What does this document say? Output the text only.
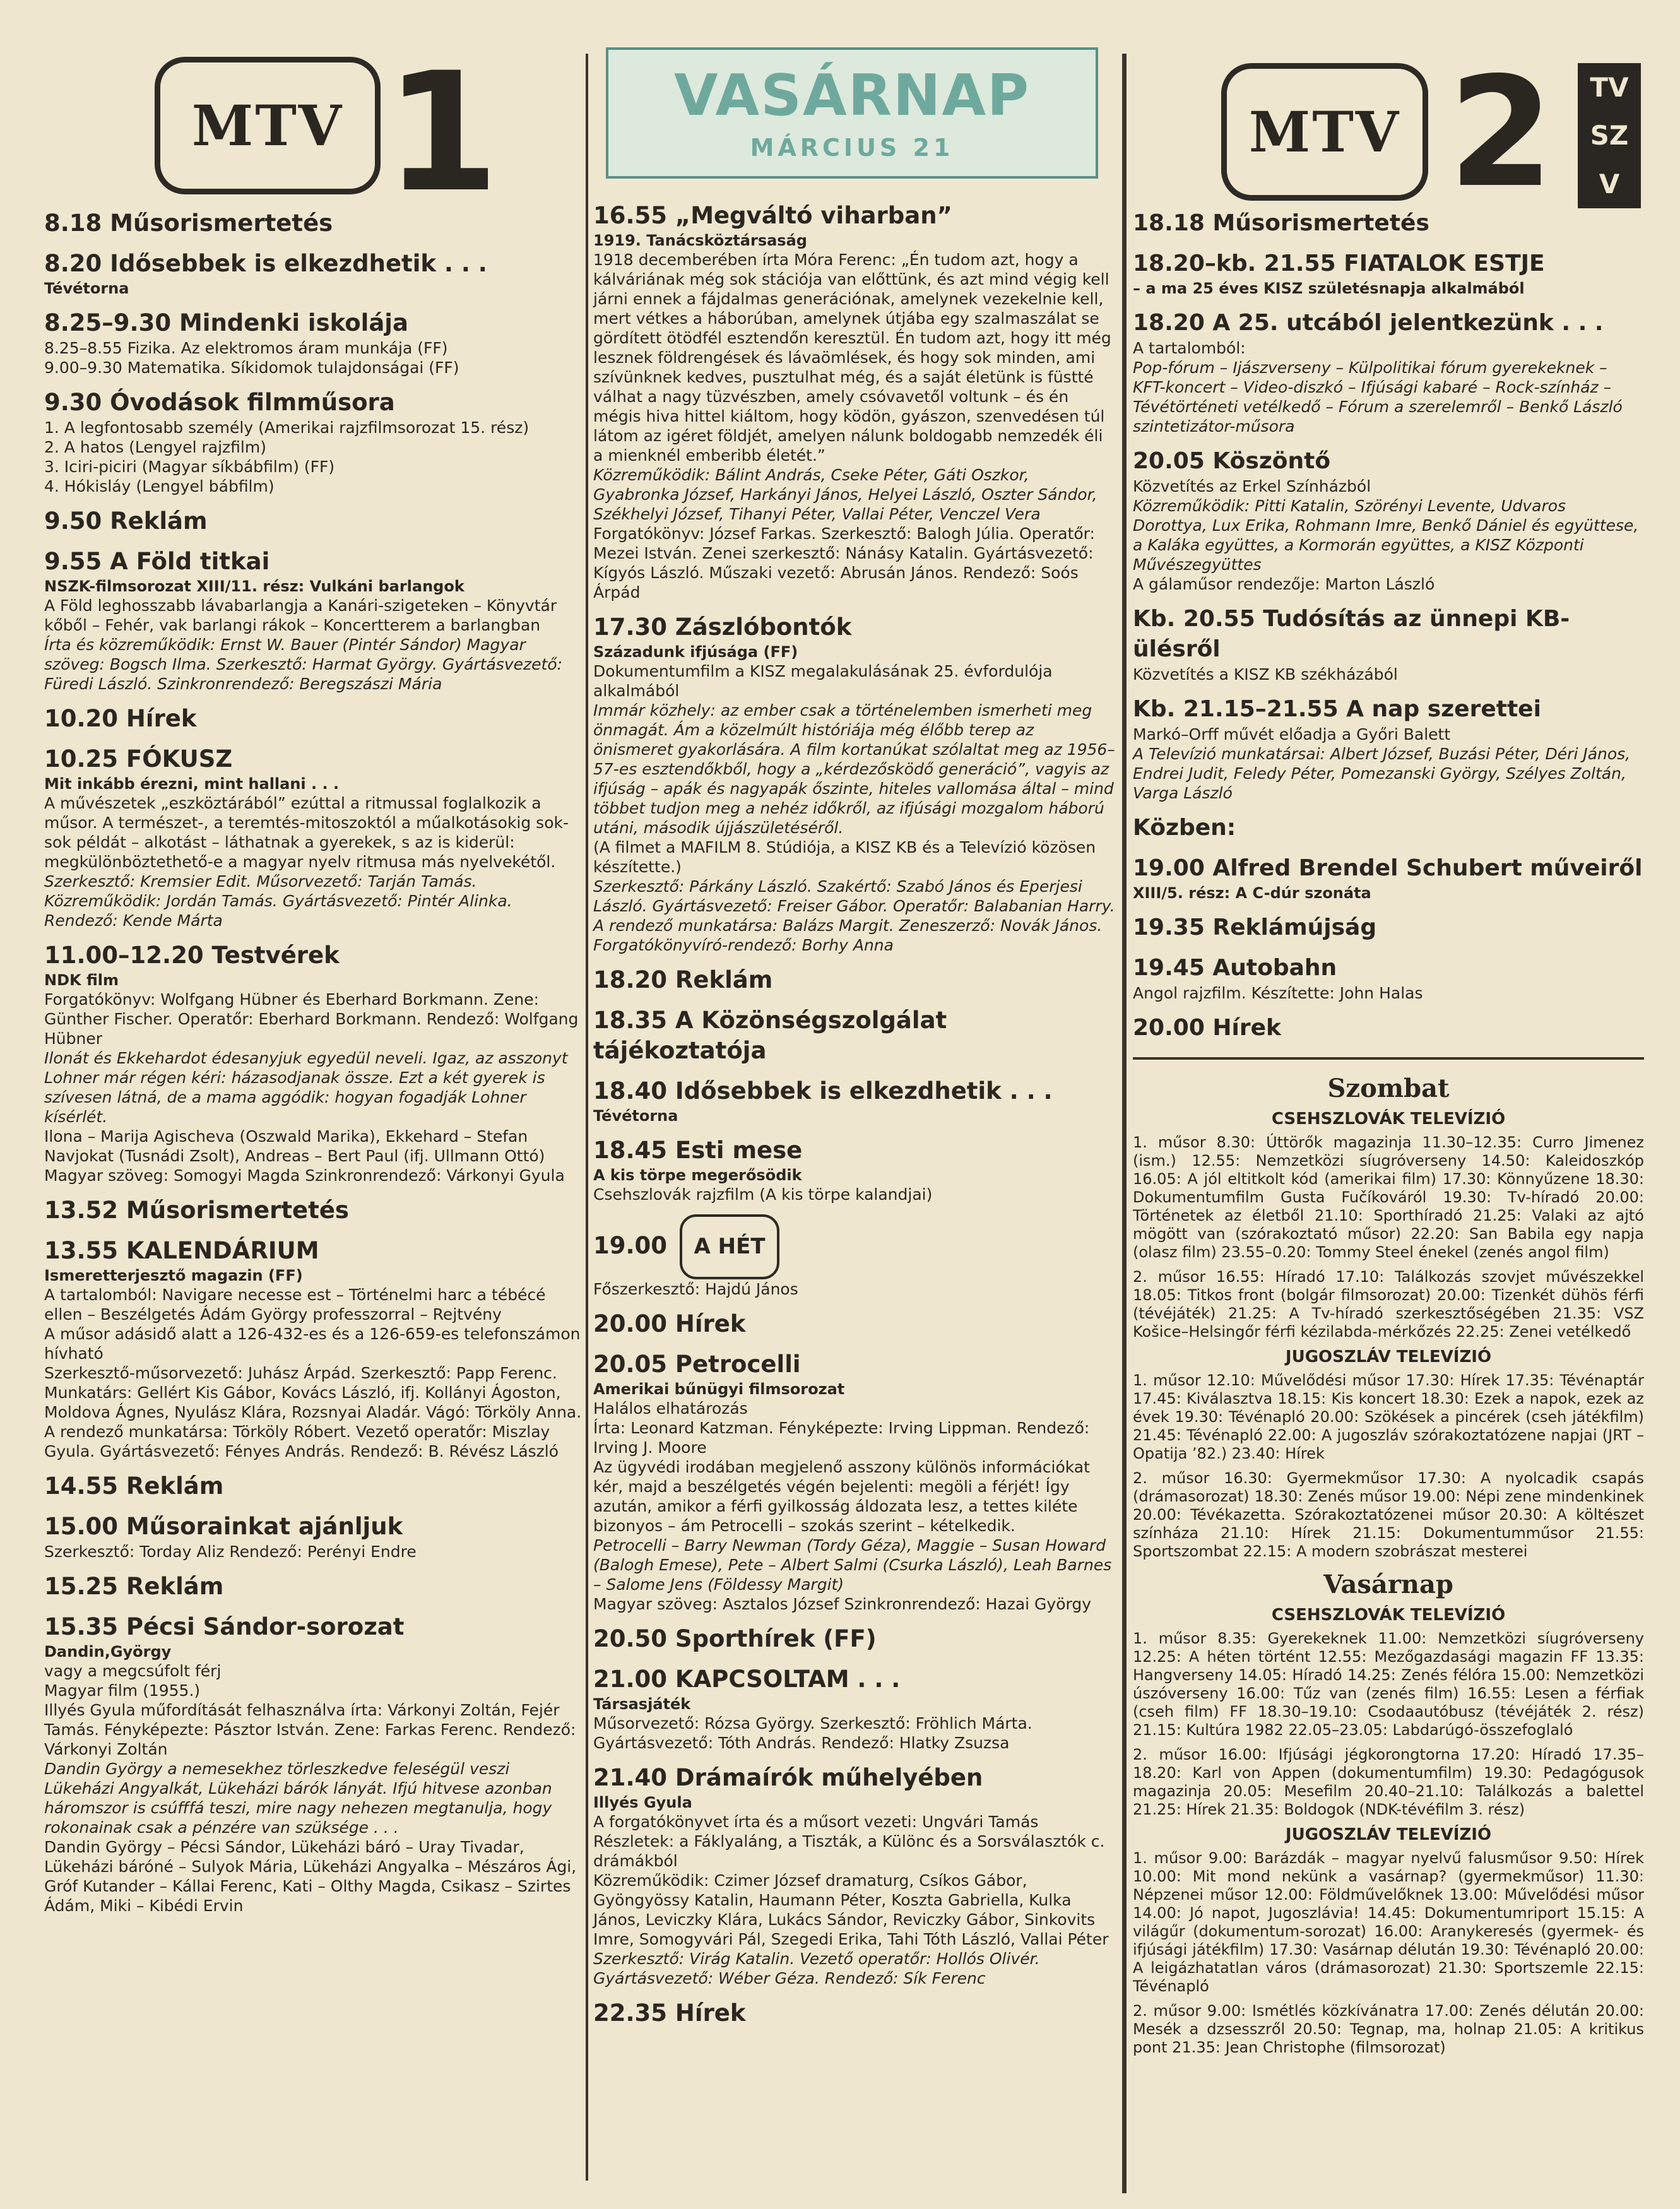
MTV 1
8.18 Műsorismertetés
8.20 Idősebbek is elkezdhetik . . .
Tévétorna
8.25–9.30 Mindenki iskolája
8.25–8.55 Fizika. Az elektromos áram munkája (FF)
9.00–9.30 Matematika. Síkidomok tulajdonságai (FF)
9.30 Óvodások filmműsora
1. A legfontosabb személy (Amerikai rajzfilmsorozat 15. rész)
2. A hatos (Lengyel rajzfilm)
3. Iciri-piciri (Magyar síkbábfilm) (FF)
4. Hókisláy (Lengyel bábfilm)
9.50 Reklám
9.55 A Föld titkai
NSZK-filmsorozat XIII/11. rész: Vulkáni barlangok
A Föld leghosszabb lávabarlangja a Kanári-szigeteken – Könyvtár kőből – Fehér, vak barlangi rákok – Koncertterem a barlangban
Írta és közreműködik: Ernst W. Bauer (Pintér Sándor) Magyar szöveg: Bogsch Ilma. Szerkesztő: Harmat György. Gyártásvezető: Füredi László. Szinkronrendező: Beregszászi Mária
10.20 Hírek
10.25 FÓKUSZ
Mit inkább érezni, mint hallani . . .
A művészetek „eszköztárából” ezúttal a ritmussal foglalkozik a műsor. A természet-, a teremtés-mitoszoktól a műalkotásokig sok-sok példát – alkotást – láthatnak a gyerekek, s az is kiderül: megkülönböztethető-e a magyar nyelv ritmusa más nyelvekétől.
Szerkesztő: Kremsier Edit. Műsorvezető: Tarján Tamás. Közreműködik: Jordán Tamás. Gyártásvezető: Pintér Alinka. Rendező: Kende Márta
11.00–12.20 Testvérek
NDK film
Forgatókönyv: Wolfgang Hübner és Eberhard Borkmann. Zene: Günther Fischer. Operatőr: Eberhard Borkmann. Rendező: Wolfgang Hübner
Ilonát és Ekkehardot édesanyjuk egyedül neveli. Igaz, az asszonyt Lohner már régen kéri: házasodjanak össze. Ezt a két gyerek is szívesen látná, de a mama aggódik: hogyan fogadják Lohner kísérlét.
Ilona – Marija Agischeva (Oszwald Marika), Ekkehard – Stefan Navjokat (Tusnádi Zsolt), Andreas – Bert Paul (ifj. Ullmann Ottó)
Magyar szöveg: Somogyi Magda Szinkronrendező: Várkonyi Gyula
13.52 Műsorismertetés
13.55 KALENDÁRIUM
Ismeretterjesztő magazin (FF)
A tartalomból: Navigare necesse est – Történelmi harc a tébécé ellen – Beszélgetés Ádám György professzorral – Rejtvény
A műsor adásidő alatt a 126-432-es és a 126-659-es telefonszámon hívható
Szerkesztő-műsorvezető: Juhász Árpád. Szerkesztő: Papp Ferenc. Munkatárs: Gellért Kis Gábor, Kovács László, ifj. Kollányi Ágoston, Moldova Ágnes, Nyulász Klára, Rozsnyai Aladár. Vágó: Törköly Anna. A rendező munkatársa: Törköly Róbert. Vezető operatőr: Miszlay Gyula. Gyártásvezető: Fényes András. Rendező: B. Révész László
14.55 Reklám
15.00 Műsorainkat ajánljuk
Szerkesztő: Torday Aliz Rendező: Perényi Endre
15.25 Reklám
15.35 Pécsi Sándor-sorozat
Dandin,György
vagy a megcsúfolt férj
Magyar film (1955.)
Illyés Gyula műfordítását felhasználva írta: Várkonyi Zoltán, Fejér Tamás. Fényképezte: Pásztor István. Zene: Farkas Ferenc. Rendező: Várkonyi Zoltán
Dandin György a nemesekhez törleszkedve feleségül veszi Lükeházi Angyalkát, Lükeházi bárók lányát. Ifjú hitvese azonban háromszor is csúfffá teszi, mire nagy nehezen megtanulja, hogy rokonainak csak a pénzére van szüksége . . .
Dandin György – Pécsi Sándor, Lükeházi báró – Uray Tivadar, Lükeházi báróné – Sulyok Mária, Lükeházi Angyalka – Mészáros Ági, Gróf Kutander – Kállai Ferenc, Kati – Olthy Magda, Csikasz – Szirtes Ádám, Miki – Kibédi Ervin
VASÁRNAP
MÁRCIUS 21
16.55 „Megváltó viharban”
1919. Tanácsköztársaság
1918 decemberében írta Móra Ferenc: „Én tudom azt, hogy a kálváriának még sok stációja van előttünk, és azt mind végig kell járni ennek a fájdalmas generációnak, amelynek vezekelnie kell, mert vétkes a háborúban, amelynek útjába egy szalmaszálat se gördített ötödfél esztendőn keresztül. Én tudom azt, hogy itt még lesznek földrengések és lávaömlések, és hogy sok minden, ami szívünknek kedves, pusztulhat még, és a saját életünk is füstté válhat a nagy tüzvészben, amely csóvavetől voltunk – és én mégis hiva hittel kiáltom, hogy ködön, gyászon, szenvedésen túl látom az igéret földjét, amelyen nálunk boldogabb nemzedék éli a mienknél emberibb életét.”
Közreműködik: Bálint András, Cseke Péter, Gáti Oszkor, Gyabronka József, Harkányi János, Helyei László, Oszter Sándor, Székhelyi József, Tihanyi Péter, Vallai Péter, Venczel Vera
Forgatókönyv: József Farkas. Szerkesztő: Balogh Júlia. Operatőr: Mezei István. Zenei szerkesztő: Nánásy Katalin. Gyártásvezető: Kígyós László. Műszaki vezető: Abrusán János. Rendező: Soós Árpád
17.30 Zászlóbontók
Századunk ifjúsága (FF)
Dokumentumfilm a KISZ megalakulásának 25. évfordulója alkalmából
Immár közhely: az ember csak a történelemben ismerheti meg önmagát. Ám a közelmúlt históriája még élőbb terep az önismeret gyakorlására. A film kortanúkat szólaltat meg az 1956–57-es esztendőkből, hogy a „kérdezősködő generáció”, vagyis az ifjúság – apák és nagyapák őszinte, hiteles vallomása által – mind többet tudjon meg a nehéz időkről, az ifjúsági mozgalom háború utáni, második újjászületéséről.
(A filmet a MAFILM 8. Stúdiója, a KISZ KB és a Televízió közösen készítette.)
Szerkesztő: Párkány László. Szakértő: Szabó János és Eperjesi László. Gyártásvezető: Freiser Gábor. Operatőr: Balabanian Harry. A rendező munkatársa: Balázs Margit. Zeneszerző: Novák János. Forgatókönyvíró-rendező: Borhy Anna
18.20 Reklám
18.35 A Közönségszolgálat tájékoztatója
18.40 Idősebbek is elkezdhetik . . .
Tévétorna
18.45 Esti mese
A kis törpe megerősödik
Csehszlovák rajzfilm (A kis törpe kalandjai)
19.00 A HÉT
Főszerkesztő: Hajdú János
20.00 Hírek
20.05 Petrocelli
Amerikai bűnügyi filmsorozat
Halálos elhatározás
Írta: Leonard Katzman. Fényképezte: Irving Lippman. Rendező: Irving J. Moore
Az ügyvédi irodában megjelenő asszony különös információkat kér, majd a beszélgetés végén bejelenti: megöli a férjét! Így azután, amikor a férfi gyilkosság áldozata lesz, a tettes kiléte bizonyos – ám Petrocelli – szokás szerint – kételkedik.
Petrocelli – Barry Newman (Tordy Géza), Maggie – Susan Howard (Balogh Emese), Pete – Albert Salmi (Csurka László), Leah Barnes – Salome Jens (Földessy Margit)
Magyar szöveg: Asztalos József Szinkronrendező: Hazai György
20.50 Sporthírek (FF)
21.00 KAPCSOLTAM . . .
Társasjáték
Műsorvezető: Rózsa György. Szerkesztő: Fröhlich Márta. Gyártásvezető: Tóth András. Rendező: Hlatky Zsuzsa
21.40 Drámaírók műhelyében
Illyés Gyula
A forgatókönyvet írta és a műsort vezeti: Ungvári Tamás
Részletek: a Fáklyaláng, a Tiszták, a Különc és a Sorsválasztók c. drámákból
Közreműködik: Czimer József dramaturg, Csíkos Gábor, Gyöngyössy Katalin, Haumann Péter, Koszta Gabriella, Kulka János, Leviczky Klára, Lukács Sándor, Reviczky Gábor, Sinkovits Imre, Somogyvári Pál, Szegedi Erika, Tahi Tóth László, Vallai Péter
Szerkesztő: Virág Katalin. Vezető operatőr: Hollós Olivér. Gyártásvezető: Wéber Géza. Rendező: Sík Ferenc
22.35 Hírek
MTV 2 TV
SZ
V
18.18 Műsorismertetés
18.20–kb. 21.55 FIATALOK ESTJE
– a ma 25 éves KISZ születésnapja alkalmából
18.20 A 25. utcából jelentkezünk . . .
A tartalomból:
Pop-fórum – Ijászverseny – Külpolitikai fórum gyerekeknek – KFT-koncert – Video-diszkó – Ifjúsági kabaré – Rock-színház – Tévétörténeti vetélkedő – Fórum a szerelemről – Benkő László szintetizátor-műsora
20.05 Köszöntő
Közvetítés az Erkel Színházból
Közreműködik: Pitti Katalin, Szörényi Levente, Udvaros Dorottya, Lux Erika, Rohmann Imre, Benkő Dániel és együttese, a Kaláka együttes, a Kormorán együttes, a KISZ Központi Művészegyüttes
A gálaműsor rendezője: Marton László
Kb. 20.55 Tudósítás az ünnepi KB-ülésről
Közvetítés a KISZ KB székházából
Kb. 21.15–21.55 A nap szerettei
Markó–Orff művét előadja a Győri Balett
A Televízió munkatársai: Albert József, Buzási Péter, Déri János, Endrei Judit, Feledy Péter, Pomezanski György, Szélyes Zoltán, Varga László
Közben:
19.00 Alfred Brendel Schubert műveiről
XIII/5. rész: A C-dúr szonáta
19.35 Reklámújság
19.45 Autobahn
Angol rajzfilm. Készítette: John Halas
20.00 Hírek
Szombat
CSEHSZLOVÁK TELEVÍZIÓ
1. műsor 8.30: Úttörők magazinja 11.30–12.35: Curro Jimenez (ism.) 12.55: Nemzetközi síugróverseny 14.50: Kaleidoszkóp 16.05: A jól eltitkolt kód (amerikai film) 17.30: Könnyűzene 18.30: Dokumentumfilm Gusta Fučíkováról 19.30: Tv-híradó 20.00: Történetek az életből 21.10: Sporthíradó 21.25: Valaki az ajtó mögött van (szórakoztató műsor) 22.20: San Babila egy napja (olasz film) 23.55–0.20: Tommy Steel énekel (zenés angol film)
2. műsor 16.55: Híradó 17.10: Találkozás szovjet művészekkel 18.05: Titkos front (bolgár filmsorozat) 20.00: Tizenkét dühös férfi (tévéjáték) 21.25: A Tv-híradó szerkesztőségében 21.35: VSZ Košice–Helsingőr férfi kézilabda-mérkőzés 22.25: Zenei vetélkedő
JUGOSZLÁV TELEVÍZIÓ
1. műsor 12.10: Művelődési műsor 17.30: Hírek 17.35: Tévénaptár 17.45: Kiválasztva 18.15: Kis koncert 18.30: Ezek a napok, ezek az évek 19.30: Tévénapló 20.00: Szökések a pincérek (cseh játékfilm) 21.45: Tévénapló 22.00: A jugoszláv szórakoztatózene napjai (JRT – Opatija ’82.) 23.40: Hírek
2. műsor 16.30: Gyermekműsor 17.30: A nyolcadik csapás (drámasorozat) 18.30: Zenés műsor 19.00: Népi zene mindenkinek 20.00: Tévékazetta. Szórakoztatózenei műsor 20.30: A költészet színháza 21.10: Hírek 21.15: Dokumentumműsor 21.55: Sportszombat 22.15: A modern szobrászat mesterei
Vasárnap
CSEHSZLOVÁK TELEVÍZIÓ
1. műsor 8.35: Gyerekeknek 11.00: Nemzetközi síugróverseny 12.25: A héten történt 12.55: Mezőgazdasági magazin FF 13.35: Hangverseny 14.05: Híradó 14.25: Zenés félóra 15.00: Nemzetközi úszóverseny 16.00: Tűz van (zenés film) 16.55: Lesen a férfiak (cseh film) FF 18.30–19.10: Csodaautóbusz (tévéjáték 2. rész) 21.15: Kultúra 1982 22.05–23.05: Labdarúgó-összefoglaló
2. műsor 16.00: Ifjúsági jégkorongtorna 17.20: Híradó 17.35–18.20: Karl von Appen (dokumentumfilm) 19.30: Pedagógusok magazinja 20.05: Mesefilm 20.40–21.10: Találkozás a balettel 21.25: Hírek 21.35: Boldogok (NDK-tévéfilm 3. rész)
JUGOSZLÁV TELEVÍZIÓ
1. műsor 9.00: Barázdák – magyar nyelvű falusműsor 9.50: Hírek 10.00: Mit mond nekünk a vasárnap? (gyermekműsor) 11.30: Népzenei műsor 12.00: Földművelőknek 13.00: Művelődési műsor 14.00: Jó napot, Jugoszlávia! 14.45: Dokumentumriport 15.15: A világűr (dokumentum-sorozat) 16.00: Aranykeresés (gyermek- és ifjúsági játékfilm) 17.30: Vasárnap délután 19.30: Tévénapló 20.00: A leigázhatatlan város (drámasorozat) 21.30: Sportszemle 22.15: Tévénapló
2. műsor 9.00: Ismétlés közkívánatra 17.00: Zenés délután 20.00: Mesék a dzsesszről 20.50: Tegnap, ma, holnap 21.05: A kritikus pont 21.35: Jean Christophe (filmsorozat)
